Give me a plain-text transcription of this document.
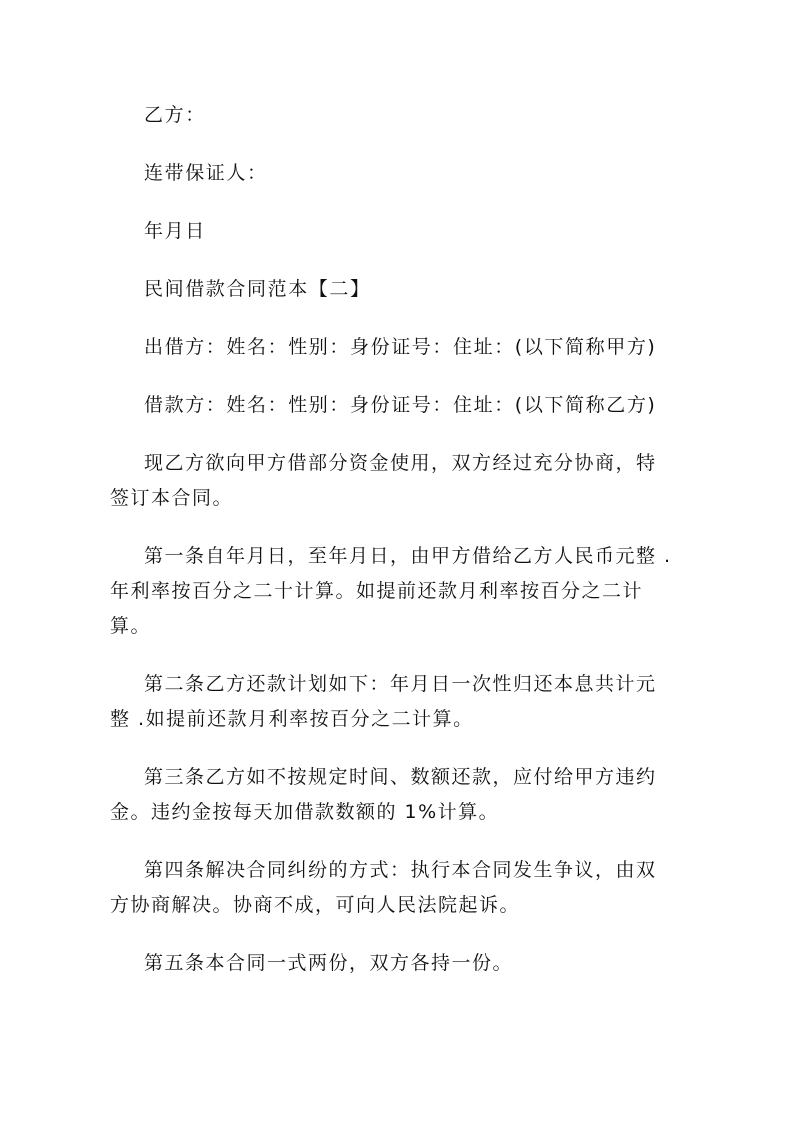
乙方：

连带保证人：

年月日

民间借款合同范本【二】

出借方：姓名：性别：身份证号：住址：(以下简称甲方)

借款方：姓名：性别：身份证号：住址：(以下简称乙方)

现乙方欲向甲方借部分资金使用，双方经过充分协商，特

签订本合同。

第一条自年月日，至年月日，由甲方借给乙方人民币元整 .

年利率按百分之二十计算。如提前还款月利率按百分之二计

算。

第二条乙方还款计划如下：年月日一次性归还本息共计元

整 .如提前还款月利率按百分之二计算。

第三条乙方如不按规定时间、数额还款，应付给甲方违约

金。违约金按每天加借款数额的 1%计算。

第四条解决合同纠纷的方式：执行本合同发生争议，由双

方协商解决。协商不成，可向人民法院起诉。

第五条本合同一式两份，双方各持一份。
